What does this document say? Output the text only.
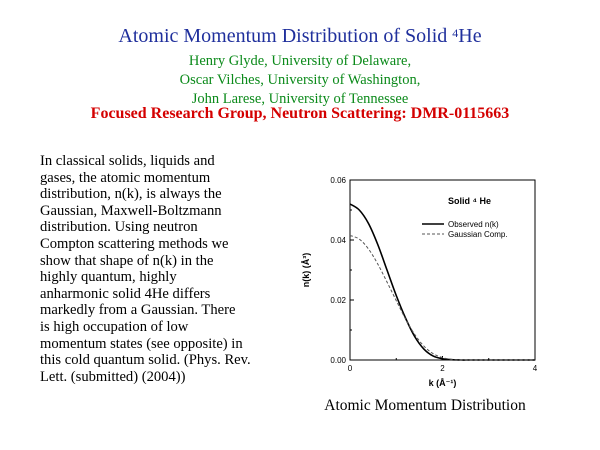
Atomic Momentum Distribution of Solid $^4$He
Henry Glyde, University of Delaware,
Oscar Vilches, University of Washington,
John Larese, University of Tennessee
Focused Research Group, Neutron Scattering: DMR-0115663
In classical solids, liquids and
gases, the atomic momentum
distribution, n(k), is always the
Gaussian, Maxwell-Boltzmann
distribution. Using neutron
Compton scattering methods we
show that shape of n(k) in the
highly quantum, highly
anharmonic solid 4He differs
markedly from a Gaussian. There
is high occupation of low
momentum states (see opposite) in
this cold quantum solid. (Phys. Rev.
Lett. (submitted) (2004))
0	2	4
0.00
0.02
0.04
0.06
Observed n(k)
Gaussian Comp.
Solid ⁴ He
k (Å⁻¹)
n(k) (Å³)
Atomic Momentum Distribution
